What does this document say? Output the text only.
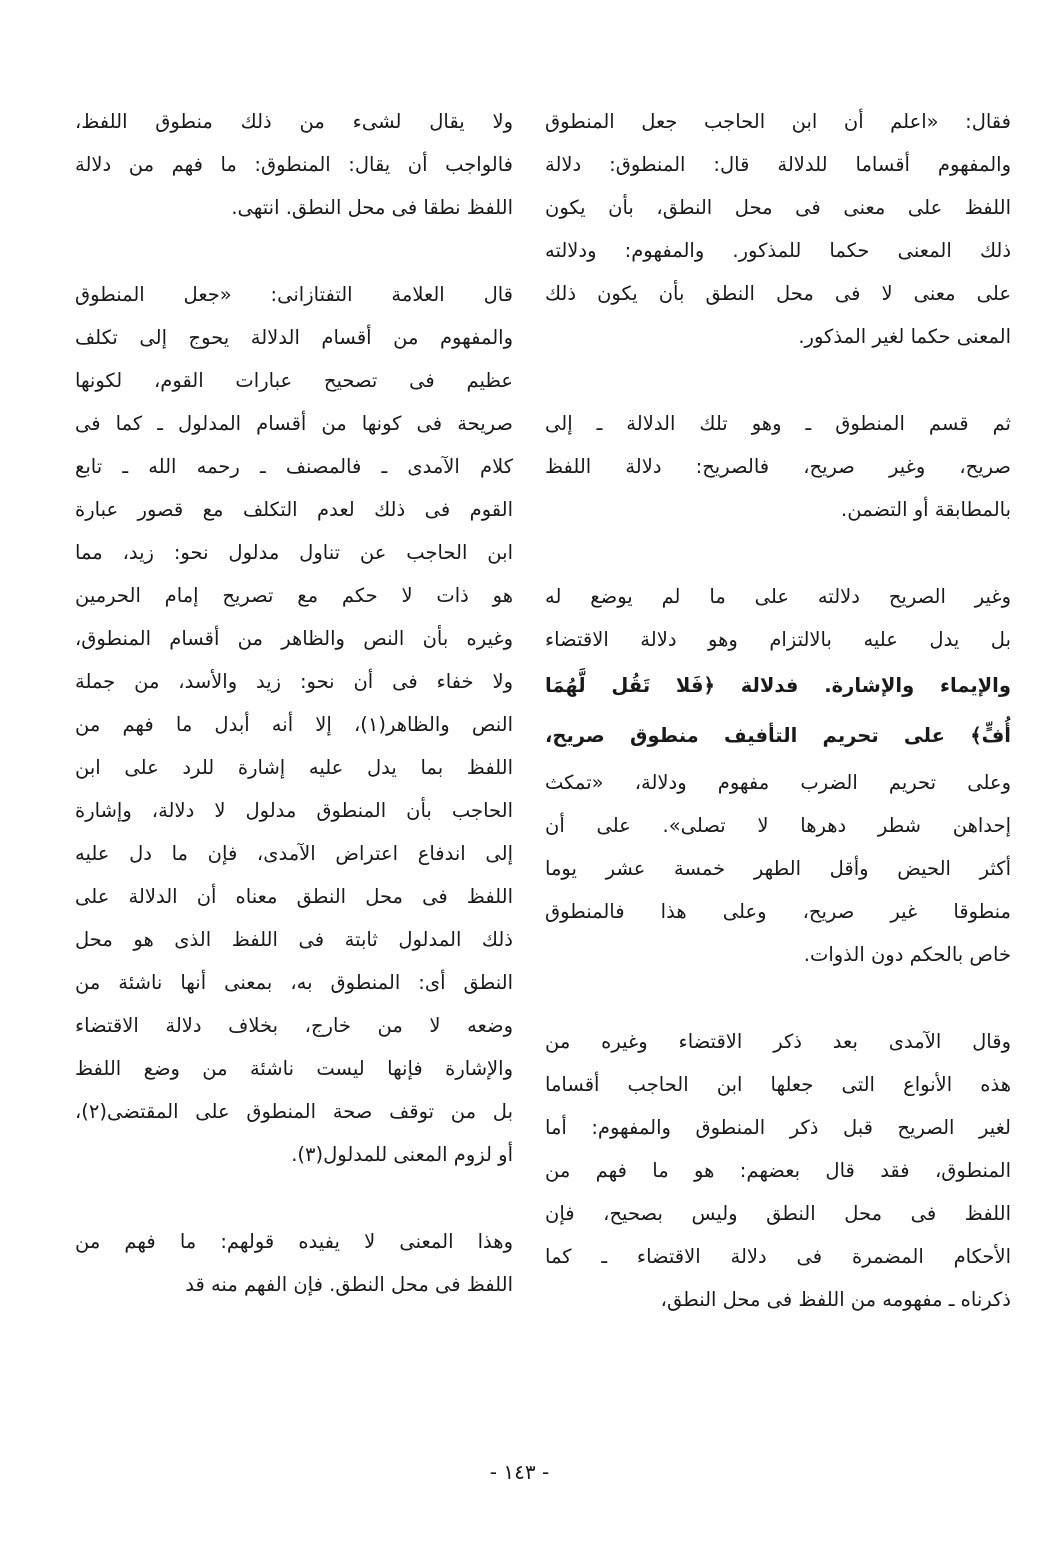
فقال: «اعلم أن ابن الحاجب جعل المنطوق
والمفهوم أقساما للدلالة قال: المنطوق: دلالة
اللفظ على معنى فى محل النطق، بأن يكون
ذلك المعنى حكما للمذكور. والمفهوم: ودلالته
على معنى لا فى محل النطق بأن يكون ذلك
المعنى حكما لغير المذكور.
ثم قسم المنطوق ـ وهو تلك الدلالة ـ إلى
صريح، وغير صريح، فالصريح: دلالة اللفظ
بالمطابقة أو التضمن.
وغير الصريح دلالته على ما لم يوضع له
بل يدل عليه بالالتزام وهو دلالة الاقتضاء
والإيماء والإشارة. فدلالة ﴿فَلا تَقُل لَّهُمَا
أُفٍّ﴾ على تحريم التأفيف منطوق صريح،
وعلى تحريم الضرب مفهوم ودلالة، «تمكث
إحداهن شطر دهرها لا تصلى». على أن
أكثر الحيض وأقل الطهر خمسة عشر يوما
منطوقا غير صريح، وعلى هذا فالمنطوق
خاص بالحكم دون الذوات.
وقال الآمدى بعد ذكر الاقتضاء وغيره من
هذه الأنواع التى جعلها ابن الحاجب أقساما
لغير الصريح قبل ذكر المنطوق والمفهوم: أما
المنطوق، فقد قال بعضهم: هو ما فهم من
اللفظ فى محل النطق وليس بصحيح، فإن
الأحكام المضمرة فى دلالة الاقتضاء ـ كما
ذكرناه ـ مفهومه من اللفظ فى محل النطق،
ولا يقال لشىء من ذلك منطوق اللفظ،
فالواجب أن يقال: المنطوق: ما فهم من دلالة
اللفظ نطقا فى محل النطق. انتهى.
قال العلامة التفتازانى: «جعل المنطوق
والمفهوم من أقسام الدلالة يحوج إلى تكلف
عظيم فى تصحيح عبارات القوم، لكونها
صريحة فى كونها من أقسام المدلول ـ كما فى
كلام الآمدى ـ فالمصنف ـ رحمه الله ـ تابع
القوم فى ذلك لعدم التكلف مع قصور عبارة
ابن الحاجب عن تناول مدلول نحو: زيد، مما
هو ذات لا حكم مع تصريح إمام الحرمين
وغيره بأن النص والظاهر من أقسام المنطوق،
ولا خفاء فى أن نحو: زيد والأسد، من جملة
النص والظاهر(١)، إلا أنه أبدل ما فهم من
اللفظ بما يدل عليه إشارة للرد على ابن
الحاجب بأن المنطوق مدلول لا دلالة، وإشارة
إلى اندفاع اعتراض الآمدى، فإن ما دل عليه
اللفظ فى محل النطق معناه أن الدلالة على
ذلك المدلول ثابتة فى اللفظ الذى هو محل
النطق أى: المنطوق به، بمعنى أنها ناشئة من
وضعه لا من خارج، بخلاف دلالة الاقتضاء
والإشارة فإنها ليست ناشئة من وضع اللفظ
بل من توقف صحة المنطوق على المقتضى(٢)،
أو لزوم المعنى للمدلول(٣).
وهذا المعنى لا يفيده قولهم: ما فهم من
اللفظ فى محل النطق. فإن الفهم منه قد
- ١٤٣ -
